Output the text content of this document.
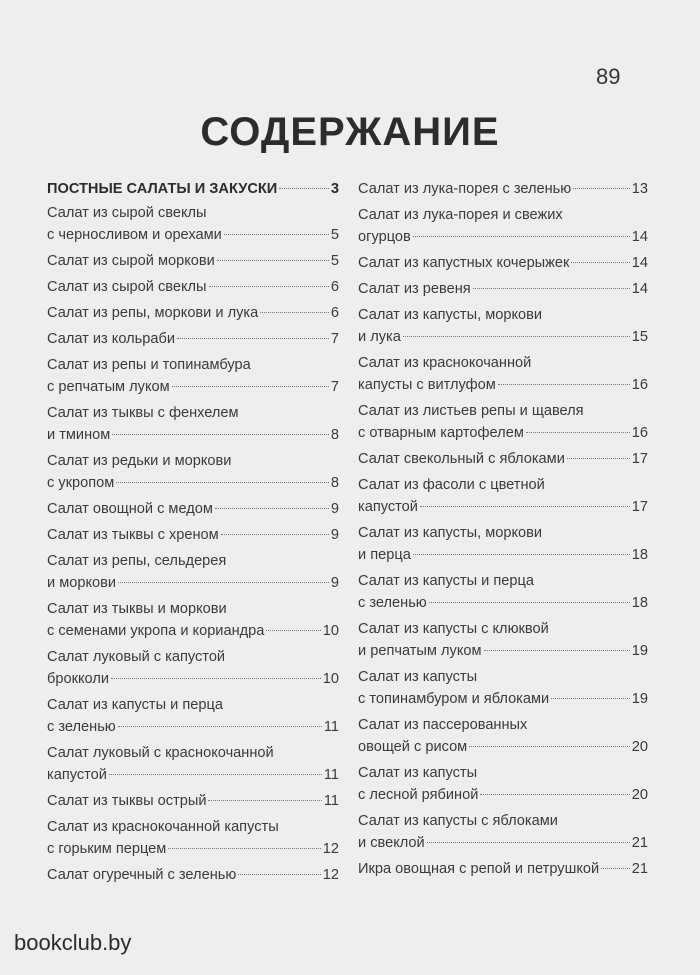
89
СОДЕРЖАНИЕ
ПОСТНЫЕ САЛАТЫ И ЗАКУСКИ	3
Салат из сырой свеклы
с черносливом и орехами	5
Салат из сырой моркови	5
Салат из сырой свеклы	6
Салат из репы, моркови и лука	6
Салат из кольраби	7
Салат из репы и топинамбура
с репчатым луком	7
Салат из тыквы с фенхелем
и тмином	8
Салат из редьки и моркови
с укропом	8
Салат овощной с медом	9
Салат из тыквы с хреном	9
Салат из репы, сельдерея
и моркови	9
Салат из тыквы и моркови
с семенами укропа и кориандра	10
Салат луковый с капустой
брокколи	10
Салат из капусты и перца
с зеленью	11
Салат луковый с краснокочанной
капустой	11
Салат из тыквы острый	11
Салат из краснокочанной капусты
с горьким перцем	12
Салат огуречный с зеленью	12
Салат из лука-порея с зеленью	13
Салат из лука-порея и свежих
огурцов	14
Салат из капустных кочерыжек	14
Салат из ревеня	14
Салат из капусты, моркови
и лука	15
Салат из краснокочанной
капусты с витлуфом	16
Салат из листьев репы и щавеля
с отварным картофелем	16
Салат свекольный с яблоками	17
Салат из фасоли с цветной
капустой	17
Салат из капусты, моркови
и перца	18
Салат из капусты и перца
с зеленью	18
Салат из капусты с клюквой
и репчатым луком	19
Салат из капусты
с топинамбуром и яблоками	19
Салат из пассерованных
овощей с рисом	20
Салат из капусты
с лесной рябиной	20
Салат из капусты с яблоками
и свеклой	21
Икра овощная с репой и петрушкой 21
bookclub.by
